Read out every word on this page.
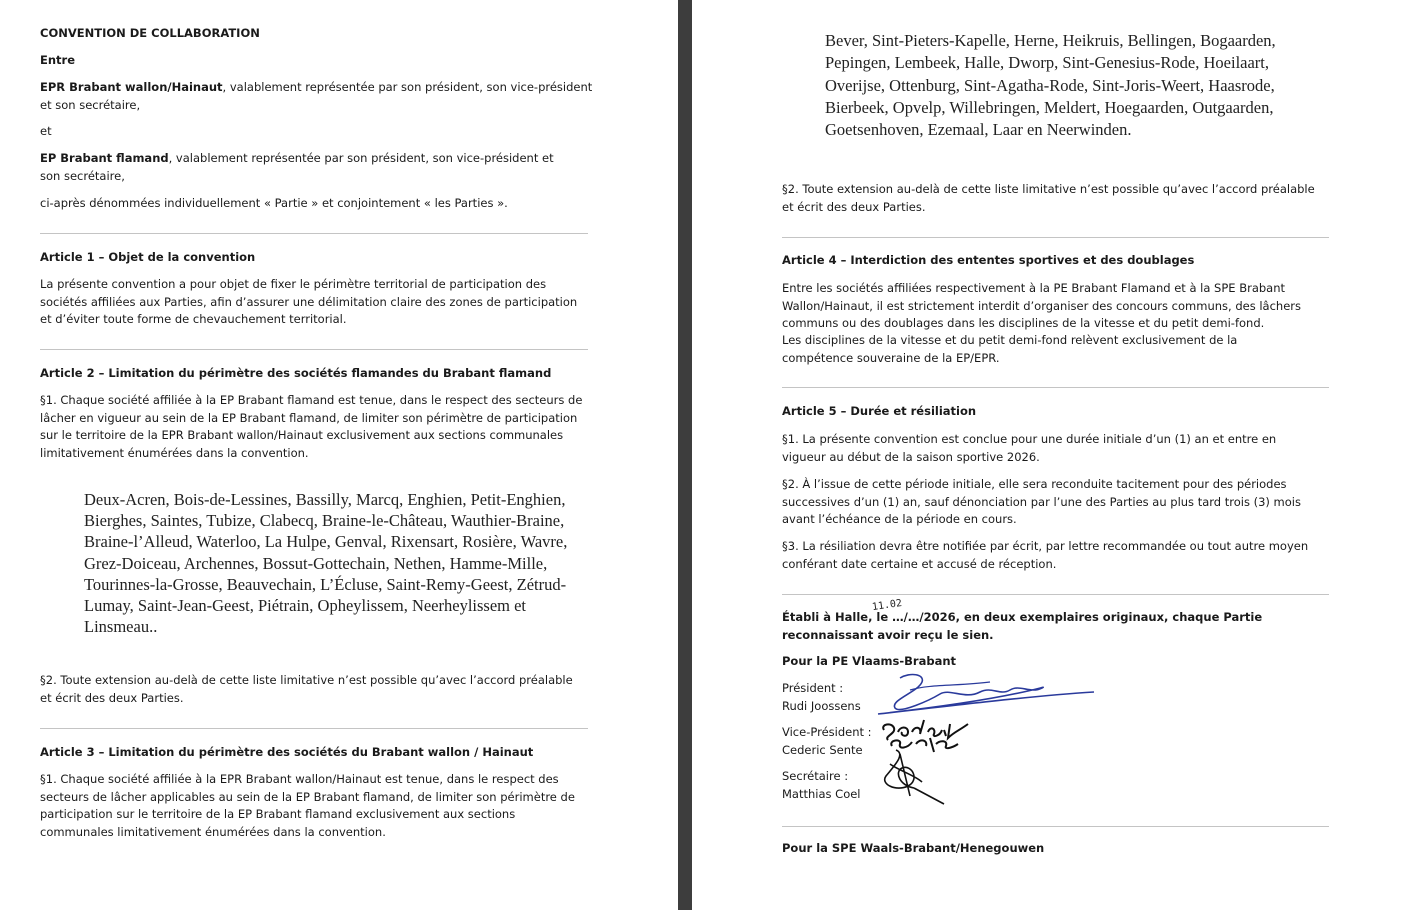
CONVENTION DE COLLABORATION

Entre

EPR Brabant wallon/Hainaut, valablement représentée par son président, son vice-président et son secrétaire,

et

EP Brabant flamand, valablement représentée par son président, son vice-président et son secrétaire,

ci-après dénommées individuellement « Partie » et conjointement « les Parties ».

Article 1 – Objet de la convention

La présente convention a pour objet de fixer le périmètre territorial de participation des sociétés affiliées aux Parties, afin d’assurer une délimitation claire des zones de participation et d’éviter toute forme de chevauchement territorial.

Article 2 – Limitation du périmètre des sociétés flamandes du Brabant flamand

§1. Chaque société affiliée à la EP Brabant flamand est tenue, dans le respect des secteurs de lâcher en vigueur au sein de la EP Brabant flamand, de limiter son périmètre de participation sur le territoire de la EPR Brabant wallon/Hainaut exclusivement aux sections communales limitativement énumérées dans la convention.

Deux-Acren, Bois-de-Lessines, Bassilly, Marcq, Enghien, Petit-Enghien, Bierghes, Saintes, Tubize, Clabecq, Braine-le-Château, Wauthier-Braine, Braine-l’Alleud, Waterloo, La Hulpe, Genval, Rixensart, Rosière, Wavre, Grez-Doiceau, Archennes, Bossut-Gottechain, Nethen, Hamme-Mille, Tourinnes-la-Grosse, Beauvechain, L’Écluse, Saint-Remy-Geest, Zétrud-Lumay, Saint-Jean-Geest, Piétrain, Opheylissem, Neerheylissem et Linsmeau..

§2. Toute extension au-delà de cette liste limitative n’est possible qu’avec l’accord préalable et écrit des deux Parties.

Article 3 – Limitation du périmètre des sociétés du Brabant wallon / Hainaut

§1. Chaque société affiliée à la EPR Brabant wallon/Hainaut est tenue, dans le respect des secteurs de lâcher applicables au sein de la EP Brabant flamand, de limiter son périmètre de participation sur le territoire de la EP Brabant flamand exclusivement aux sections communales limitativement énumérées dans la convention.

Bever, Sint-Pieters-Kapelle, Herne, Heikruis, Bellingen, Bogaarden, Pepingen, Lembeek, Halle, Dworp, Sint-Genesius-Rode, Hoeilaart, Overijse, Ottenburg, Sint-Agatha-Rode, Sint-Joris-Weert, Haasrode, Bierbeek, Opvelp, Willebringen, Meldert, Hoegaarden, Outgaarden, Goetsenhoven, Ezemaal, Laar en Neerwinden.

§2. Toute extension au-delà de cette liste limitative n’est possible qu’avec l’accord préalable et écrit des deux Parties.

Article 4 – Interdiction des ententes sportives et des doublages

Entre les sociétés affiliées respectivement à la PE Brabant Flamand et à la SPE Brabant Wallon/Hainaut, il est strictement interdit d’organiser des concours communs, des lâchers communs ou des doublages dans les disciplines de la vitesse et du petit demi-fond.

Les disciplines de la vitesse et du petit demi-fond relèvent exclusivement de la compétence souveraine de la EP/EPR.

Article 5 – Durée et résiliation

§1. La présente convention est conclue pour une durée initiale d’un (1) an et entre en vigueur au début de la saison sportive 2026.

§2. À l’issue de cette période initiale, elle sera reconduite tacitement pour des périodes successives d’un (1) an, sauf dénonciation par l’une des Parties au plus tard trois (3) mois avant l’échéance de la période en cours.

§3. La résiliation devra être notifiée par écrit, par lettre recommandée ou tout autre moyen conférant date certaine et accusé de réception.

Établi à Halle, le …/…/2026, en deux exemplaires originaux, chaque Partie reconnaissant avoir reçu le sien.

11.02

Pour la PE Vlaams-Brabant

Président :
Rudi Joossens

Vice-Président :
Cederic Sente

Secrétaire :
Matthias Coel

Pour la SPE Waals-Brabant/Henegouwen
